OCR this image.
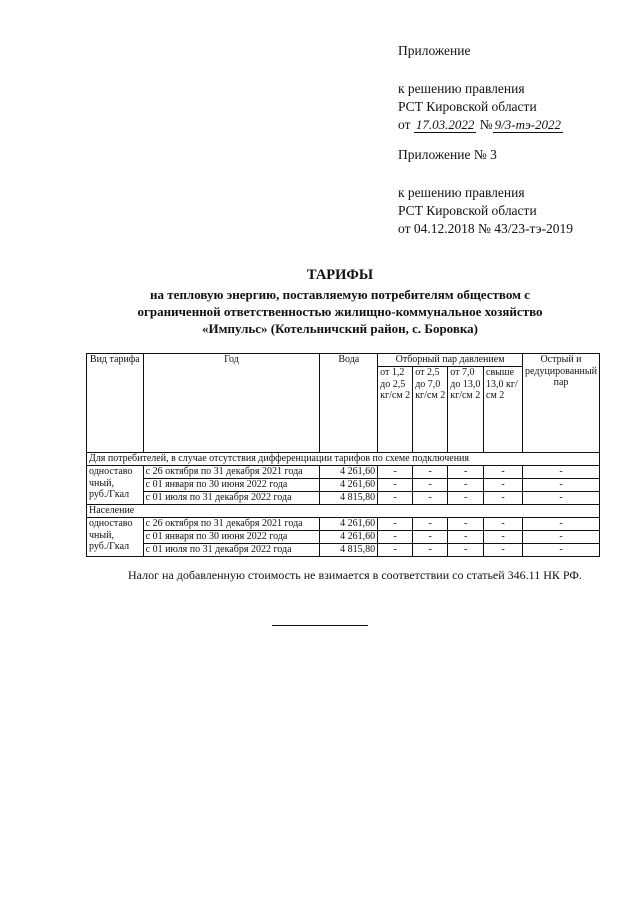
Приложение
к решению правления
РСТ Кировской области
от 17.03.2022 № 9/3-тэ-2022
Приложение № 3
к решению правления
РСТ Кировской области
от 04.12.2018 № 43/23-тэ-2019
ТАРИФЫ
на тепловую энергию, поставляемую потребителям обществом с
ограниченной ответственностью жилищно-коммунальное хозяйство
«Импульс» (Котельничский район, с. Боровка)
Вид тарифа	Год	Вода	Отборный пар давлением				Острый и редуцированный пар
			от 1,2 до 2,5 кг/см 2	от 2,5 до 7,0 кг/см 2	от 7,0 до 13,0 кг/см 2	свыше 13,0 кг/см 2	
Для потребителей, в случае отсутствия дифференциации тарифов по схеме подключения							

одноставо
чный,
руб./Гкал	с 26 октября по 31 декабря 2021 года	4 261,60	-	-	-	-	-
	с 01 января по 30 июня 2022 года	4 261,60	-	-	-	-	-
	с 01 июля по 31 декабря 2022 года	4 815,80	-	-	-	-	-
Население							

одноставо
чный,
руб./Гкал	с 26 октября по 31 декабря 2021 года	4 261,60	-	-	-	-	-
	с 01 января по 30 июня 2022 года	4 261,60	-	-	-	-	-
	с 01 июля по 31 декабря 2022 года	4 815,80	-	-	-	-	-
Налог на добавленную стоимость не взимается в соответствии со статьей 346.11 НК РФ.
